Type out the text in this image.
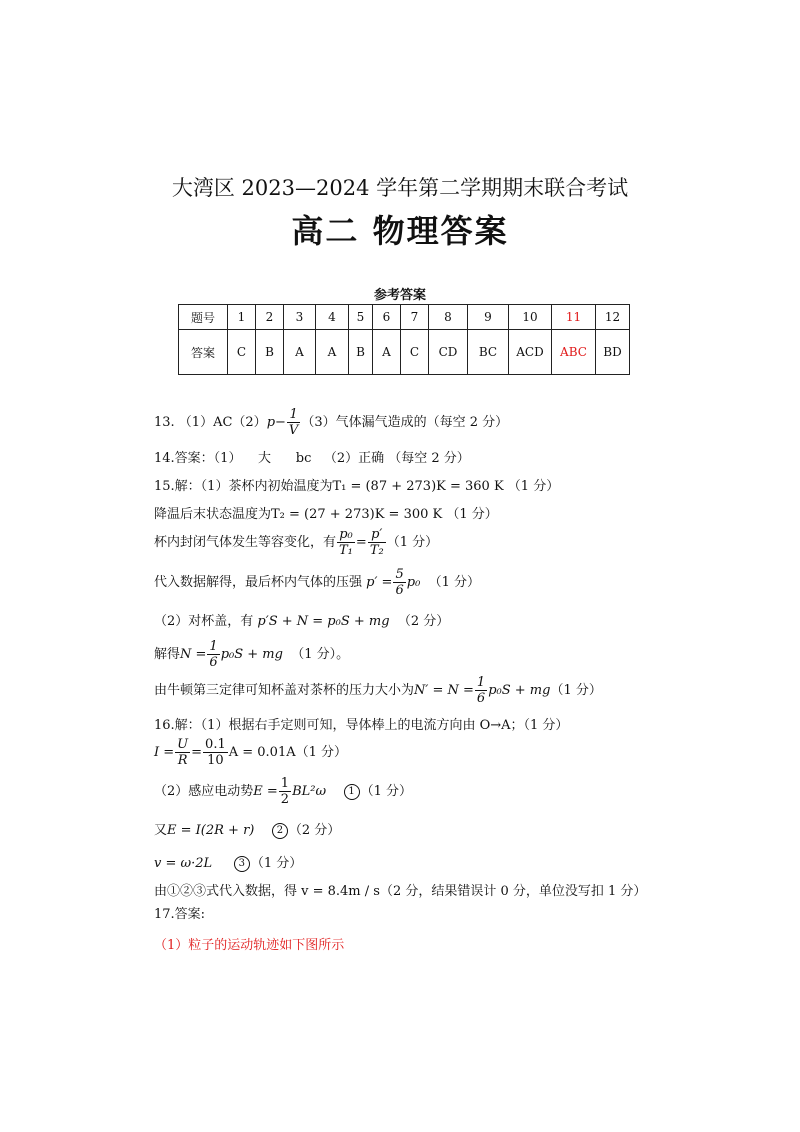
大湾区 2023—2024 学年第二学期期末联合考试
高二 物理答案
参考答案
题号	1	2	3	4	5	6	7	8	9	10	11	12
答案	C	B	A	A	B	A	C	CD	BC	ACD	ABC	BD
13. $(1)AC(2)p- \frac{1}{V} (3)$气体漏气造成的（每空 2 分）
14.答案：（1） 大 bc （2）正确 （每空 2 分）
15.解：（1）茶杯内初始温度为T₁ = (87 + 273)K = 360 K （1 分）
降温后末状态温度为T₂ = (27 + 273)K = 300 K （1 分）
杯内封闭气体发生等容变化，有 $\frac{\text{p₀}}{\text{T₁}} = \frac{p'}{\text{T₂}} (1$ 分）
代入数据解得，最后杯内气体的压强 $p' = \frac{5}{6} p_0$ （1 分）
（2）对杯盖，有 p′S + N = p₀S + mg （2 分）
解得$N = \frac{1}{6} p_0S$ + mg （1 分）。
由牛顿第三定律可知杯盖对茶杯的压力大小为$N' = N = \frac{1}{6} p_0S + mg(1$ 分）
16.解：（1）根据右手定则可知，导体棒上的电流方向由 O→A；（1 分）
$I = \frac{U}{R} = \frac{0.1}{10}$ A = 0.01A（1 分）
（2）感应电动势$E = \frac{1}{2} BL^2\omega$ 1 （1 分）
又E = I(2R + r) 2 （2 分）
v = ω·2L	3 （1 分）
由①②③式代入数据，得 v = 8.4m / s（2 分，结果错误计 0 分，单位没写扣 1 分）
17.答案:
（1）粒子的运动轨迹如下图所示
